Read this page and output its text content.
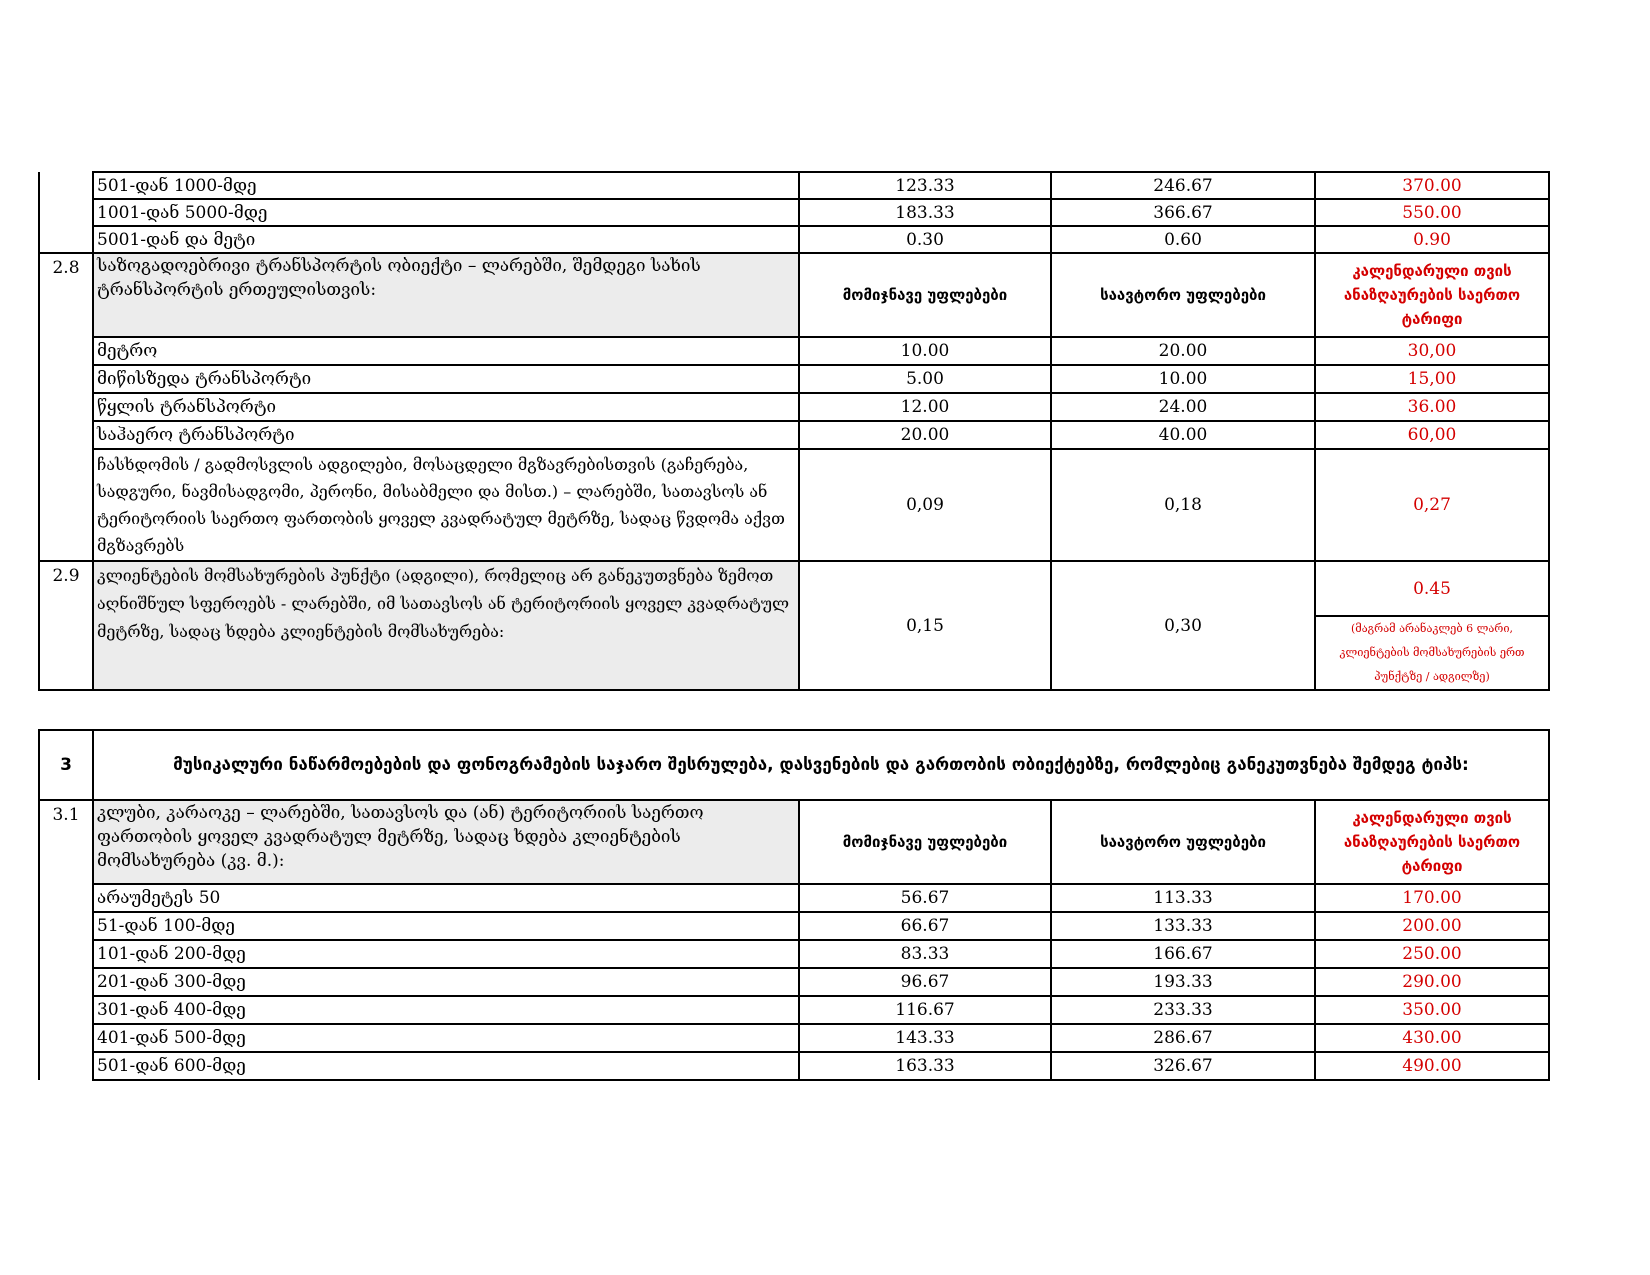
	501-დან 1000-მდე	123.33	246.67	370.00
	1001-დან 5000-მდე	183.33	366.67	550.00
	5001-დან და მეტი	0.30	0.60	0.90
2.8	საზოგადოებრივი ტრანსპორტის ობიექტი – ლარებში, შემდეგი სახის ტრანსპორტის ერთეულისთვის:	მომიჯნავე უფლებები	საავტორო უფლებები	კალენდარული თვის ანაზღაურების საერთო ტარიფი
	მეტრო	10.00	20.00	30,00
	მიწისზედა ტრანსპორტი	5.00	10.00	15,00
	წყლის ტრანსპორტი	12.00	24.00	36.00
	საჰაერო ტრანსპორტი	20.00	40.00	60,00
	ჩასხდომის / გადმოსვლის ადგილები, მოსაცდელი მგზავრებისთვის (გაჩერება, სადგური, ნავმისადგომი, პერონი, მისაბმელი და მისთ.) – ლარებში, სათავსოს ან ტერიტორიის საერთო ფართობის ყოველ კვადრატულ მეტრზე, სადაც წვდომა აქვთ მგზავრებს	0,09	0,18	0,27
2.9	კლიენტების მომსახურების პუნქტი (ადგილი), რომელიც არ განეკუთვნება ზემოთ აღნიშნულ სფეროებს - ლარებში, იმ სათავსოს ან ტერიტორიის ყოველ კვადრატულ მეტრზე, სადაც ხდება კლიენტების მომსახურება:	0,15	0,30	0.45
				(მაგრამ არანაკლებ 6 ლარი, კლიენტების მომსახურების ერთ პუნქტზე / ადგილზე)
3	მუსიკალური ნაწარმოებების და ფონოგრამების საჯარო შესრულება, დასვენების და გართობის ობიექტებზე, რომლებიც განეკუთვნება შემდეგ ტიპს:			
3.1	კლუბი, კარაოკე – ლარებში, სათავსოს და (ან) ტერიტორიის საერთო ფართობის ყოველ კვადრატულ მეტრზე, სადაც ხდება კლიენტების მომსახურება (კვ. მ.):	მომიჯნავე უფლებები	საავტორო უფლებები	კალენდარული თვის ანაზღაურების საერთო ტარიფი
	არაუმეტეს 50	56.67	113.33	170.00
	51-დან 100-მდე	66.67	133.33	200.00
	101-დან 200-მდე	83.33	166.67	250.00
	201-დან 300-მდე	96.67	193.33	290.00
	301-დან 400-მდე	116.67	233.33	350.00
	401-დან 500-მდე	143.33	286.67	430.00
	501-დან 600-მდე	163.33	326.67	490.00
